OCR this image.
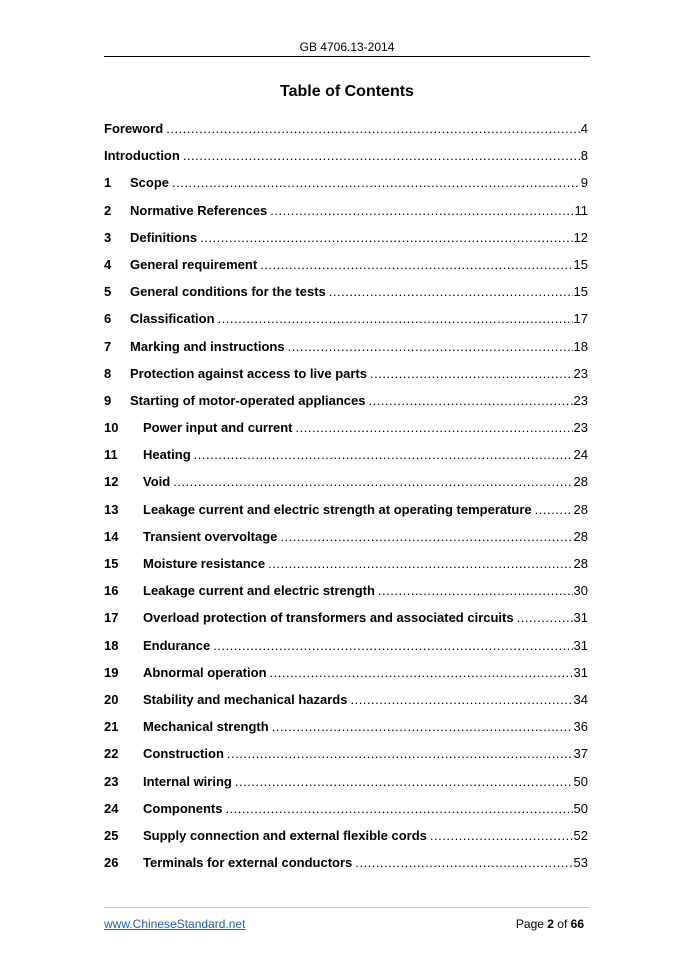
GB 4706.13-2014
Table of Contents
Foreword .....	4
Introduction .....	8
1	Scope .....	9
2	Normative References .....	11
3	Definitions .....	12
4	General requirement .....	15
5	General conditions for the tests .....	15
6	Classification .....	17
7	Marking and instructions .....	18
8	Protection against access to live parts .....	23
9	Starting of motor-operated appliances .....	23
10	Power input and current .....	23
11	Heating .....	24
12	Void .....	28
13	Leakage current and electric strength at operating temperature .....	28
14	Transient overvoltage .....	28
15	Moisture resistance .....	28
16	Leakage current and electric strength .....	30
17	Overload protection of transformers and associated circuits .....	31
18	Endurance .....	31
19	Abnormal operation .....	31
20	Stability and mechanical hazards .....	34
21	Mechanical strength .....	36
22	Construction .....	37
23	Internal wiring .....	50
24	Components .....	50
25	Supply connection and external flexible cords .....	52
26	Terminals for external conductors .....	53
www.ChineseStandard.net	Page 2 of 66
